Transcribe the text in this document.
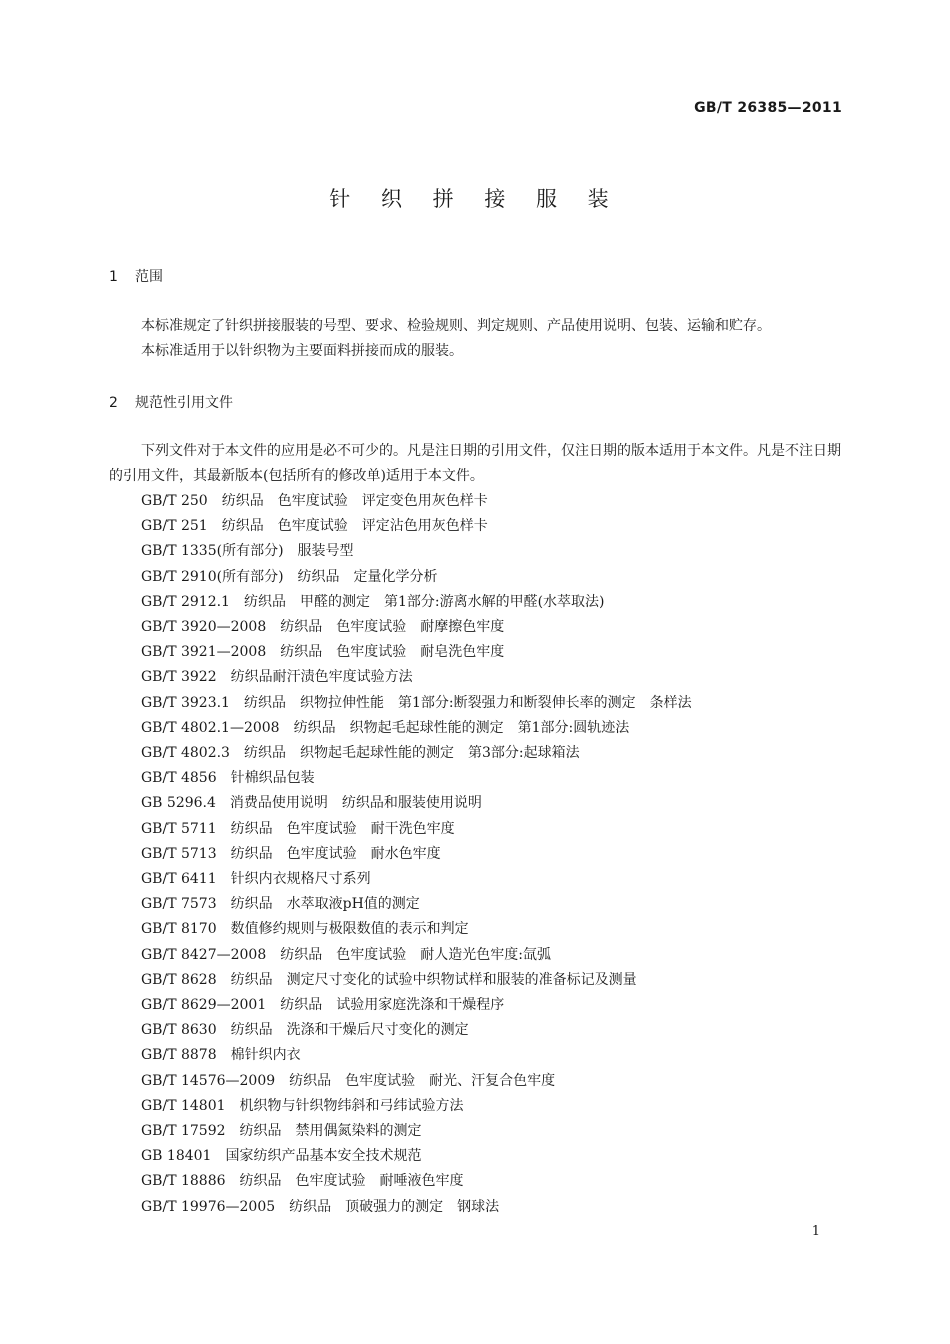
GB/T 26385—2011
针 织 拼 接 服 装
1 范围

本标准规定了针织拼接服装的号型、要求、检验规则、判定规则、产品使用说明、包装、运输和贮存。

本标准适用于以针织物为主要面料拼接而成的服装。

2 规范性引用文件

下列文件对于本文件的应用是必不可少的。凡是注日期的引用文件，仅注日期的版本适用于本文件。凡是不注日期的引用文件，其最新版本(包括所有的修改单)适用于本文件。

GB/T 250　纺织品　色牢度试验　评定变色用灰色样卡
GB/T 251　纺织品　色牢度试验　评定沾色用灰色样卡
GB/T 1335(所有部分)　服装号型
GB/T 2910(所有部分)　纺织品　定量化学分析
GB/T 2912.1　纺织品　甲醛的测定　第1部分:游离水解的甲醛(水萃取法)
GB/T 3920—2008　纺织品　色牢度试验　耐摩擦色牢度
GB/T 3921—2008　纺织品　色牢度试验　耐皂洗色牢度
GB/T 3922　纺织品耐汗渍色牢度试验方法
GB/T 3923.1　纺织品　织物拉伸性能　第1部分:断裂强力和断裂伸长率的测定　条样法
GB/T 4802.1—2008　纺织品　织物起毛起球性能的测定　第1部分:圆轨迹法
GB/T 4802.3　纺织品　织物起毛起球性能的测定　第3部分:起球箱法
GB/T 4856　针棉织品包装
GB 5296.4　消费品使用说明　纺织品和服装使用说明
GB/T 5711　纺织品　色牢度试验　耐干洗色牢度
GB/T 5713　纺织品　色牢度试验　耐水色牢度
GB/T 6411　针织内衣规格尺寸系列
GB/T 7573　纺织品　水萃取液pH值的测定
GB/T 8170　数值修约规则与极限数值的表示和判定
GB/T 8427—2008　纺织品　色牢度试验　耐人造光色牢度:氙弧
GB/T 8628　纺织品　测定尺寸变化的试验中织物试样和服装的准备标记及测量
GB/T 8629—2001　纺织品　试验用家庭洗涤和干燥程序
GB/T 8630　纺织品　洗涤和干燥后尺寸变化的测定
GB/T 8878　棉针织内衣
GB/T 14576—2009　纺织品　色牢度试验　耐光、汗复合色牢度
GB/T 14801　机织物与针织物纬斜和弓纬试验方法
GB/T 17592　纺织品　禁用偶氮染料的测定
GB 18401　国家纺织产品基本安全技术规范
GB/T 18886　纺织品　色牢度试验　耐唾液色牢度
GB/T 19976—2005　纺织品　顶破强力的测定　钢球法
1
